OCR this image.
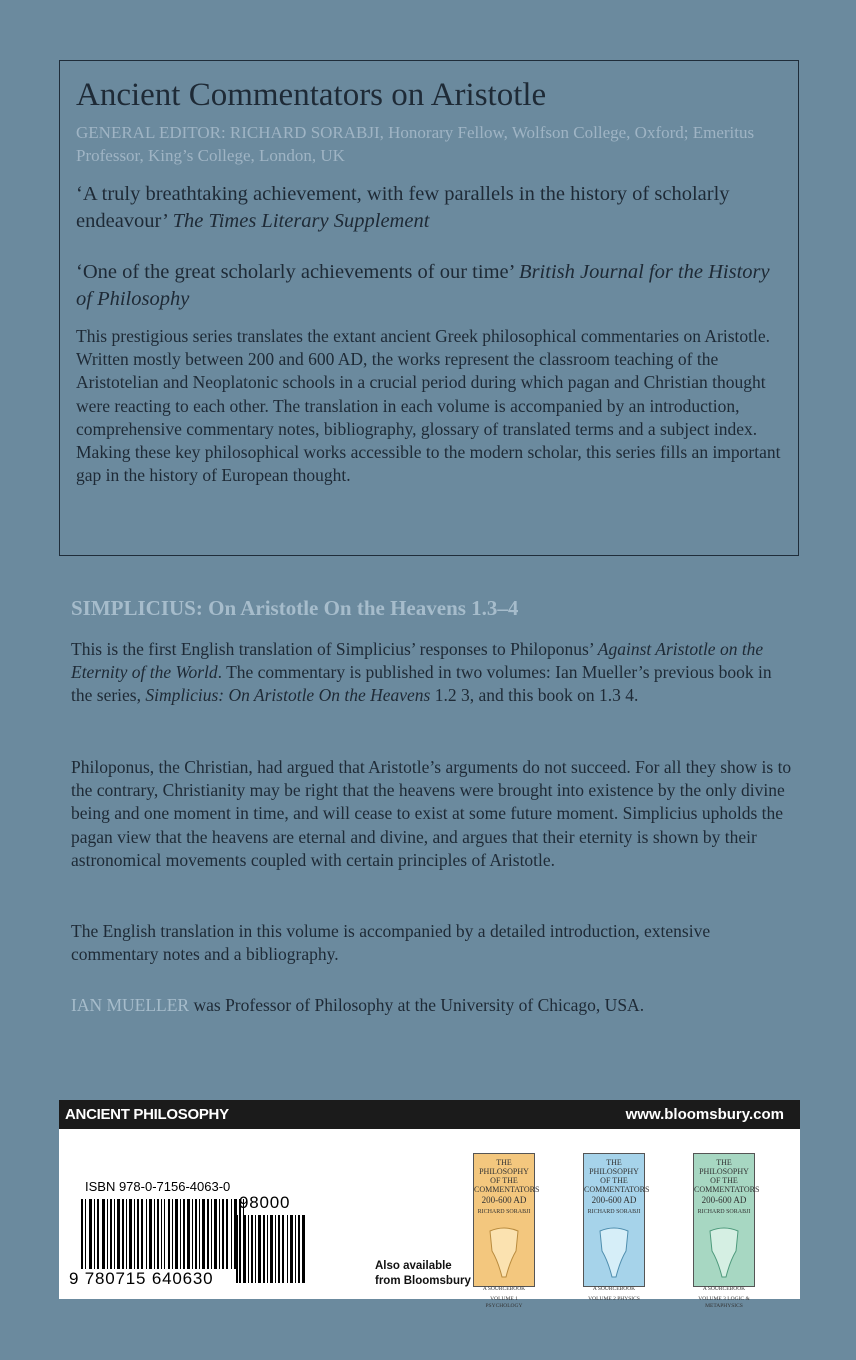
Ancient Commentators on Aristotle

GENERAL EDITOR: RICHARD SORABJI, Honorary Fellow, Wolfson College, Oxford; Emeritus Professor, King’s College, London, UK

‘A truly breathtaking achievement, with few parallels in the history of scholarly endeavour’ The Times Literary Supplement

‘One of the great scholarly achievements of our time’ British Journal for the History of Philosophy

This prestigious series translates the extant ancient Greek philosophical commentaries on Aristotle. Written mostly between 200 and 600 AD, the works represent the classroom teaching of the Aristotelian and Neoplatonic schools in a crucial period during which pagan and Christian thought were reacting to each other. The translation in each volume is accompanied by an introduction, comprehensive commentary notes, bibliography, glossary of translated terms and a subject index. Making these key philosophical works accessible to the modern scholar, this series fills an important gap in the history of European thought.

SIMPLICIUS: On Aristotle On the Heavens 1.3–4

This is the first English translation of Simplicius’ responses to Philoponus’ Against Aristotle on the Eternity of the World. The commentary is published in two volumes: Ian Mueller’s previous book in the series, Simplicius: On Aristotle On the Heavens 1.2 3, and this book on 1.3 4.

Philoponus, the Christian, had argued that Aristotle’s arguments do not succeed. For all they show is to the contrary, Christianity may be right that the heavens were brought into existence by the only divine being and one moment in time, and will cease to exist at some future moment. Simplicius upholds the pagan view that the heavens are eternal and divine, and argues that their eternity is shown by their astronomical movements coupled with certain principles of Aristotle.

The English translation in this volume is accompanied by a detailed introduction, extensive commentary notes and a bibliography.

IAN MUELLER was Professor of Philosophy at the University of Chicago, USA.

ANCIENT PHILOSOPHY	www.bloomsbury.com
ISBN 978-0-7156-4063-0
9 780715 640630
98000
Also available from Bloomsbury
THE PHILOSOPHY OF THE COMMENTATORS
200-600 AD
RICHARD SORABJI
A SOURCEBOOK
VOLUME 1 PSYCHOLOGY
THE PHILOSOPHY OF THE COMMENTATORS
200-600 AD
RICHARD SORABJI
A SOURCEBOOK
VOLUME 2 PHYSICS
THE PHILOSOPHY OF THE COMMENTATORS
200-600 AD
RICHARD SORABJI
A SOURCEBOOK
VOLUME 3 LOGIC & METAPHYSICS
